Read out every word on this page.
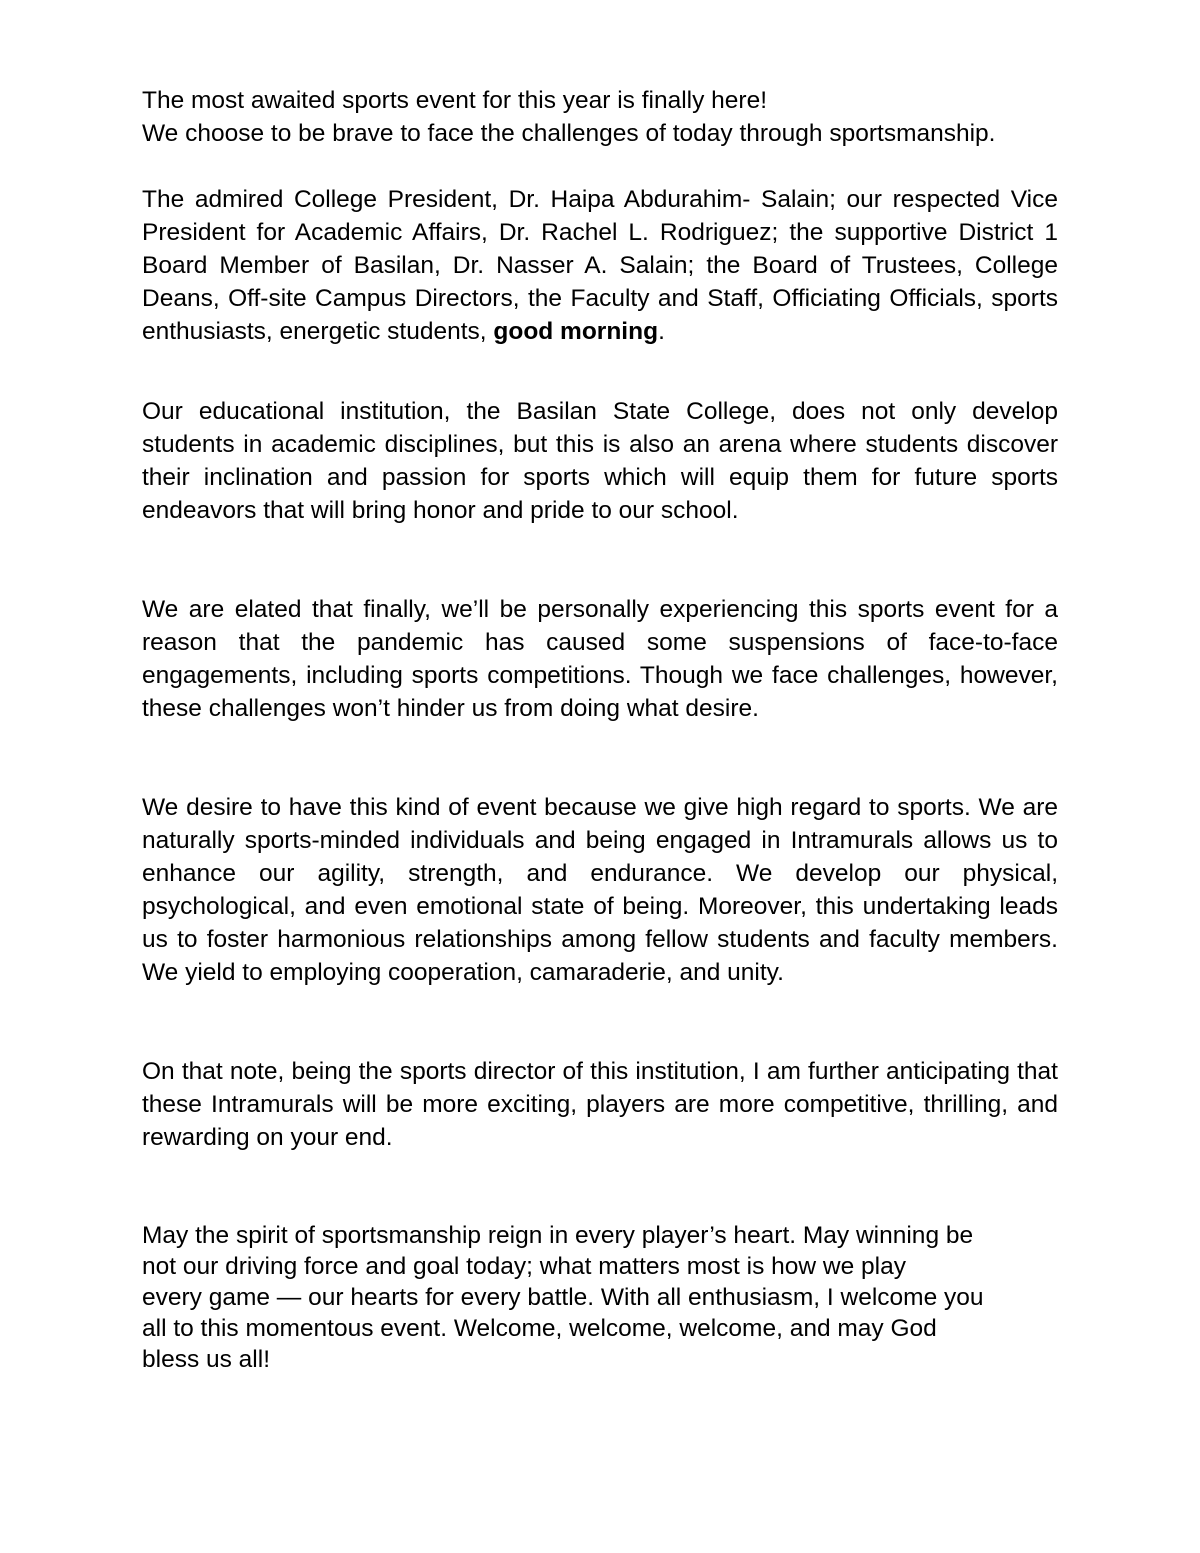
The most awaited sports event for this year is finally here!
We choose to be brave to face the challenges of today through sportsmanship.

The admired College President, Dr. Haipa Abdurahim- Salain; our respected Vice President for Academic Affairs, Dr. Rachel L. Rodriguez; the supportive District 1 Board Member of Basilan, Dr. Nasser A. Salain; the Board of Trustees, College Deans, Off-site Campus Directors, the Faculty and Staff, Officiating Officials, sports enthusiasts, energetic students, good morning.

Our educational institution, the Basilan State College, does not only develop students in academic disciplines, but this is also an arena where students discover their inclination and passion for sports which will equip them for future sports endeavors that will bring honor and pride to our school.

We are elated that finally, we’ll be personally experiencing this sports event for a reason that the pandemic has caused some suspensions of face-to-face engagements, including sports competitions. Though we face challenges, however, these challenges won’t hinder us from doing what desire.

We desire to have this kind of event because we give high regard to sports. We are naturally sports-minded individuals and being engaged in Intramurals allows us to enhance our agility, strength, and endurance. We develop our physical, psychological, and even emotional state of being. Moreover, this undertaking leads us to foster harmonious relationships among fellow students and faculty members. We yield to employing cooperation, camaraderie, and unity.

On that note, being the sports director of this institution, I am further anticipating that these Intramurals will be more exciting, players are more competitive, thrilling, and rewarding on your end.

May the spirit of sportsmanship reign in every player’s heart. May winning be
not our driving force and goal today; what matters most is how we play
every game — our hearts for every battle. With all enthusiasm, I welcome you
all to this momentous event. Welcome, welcome, welcome, and may God
bless us all!
